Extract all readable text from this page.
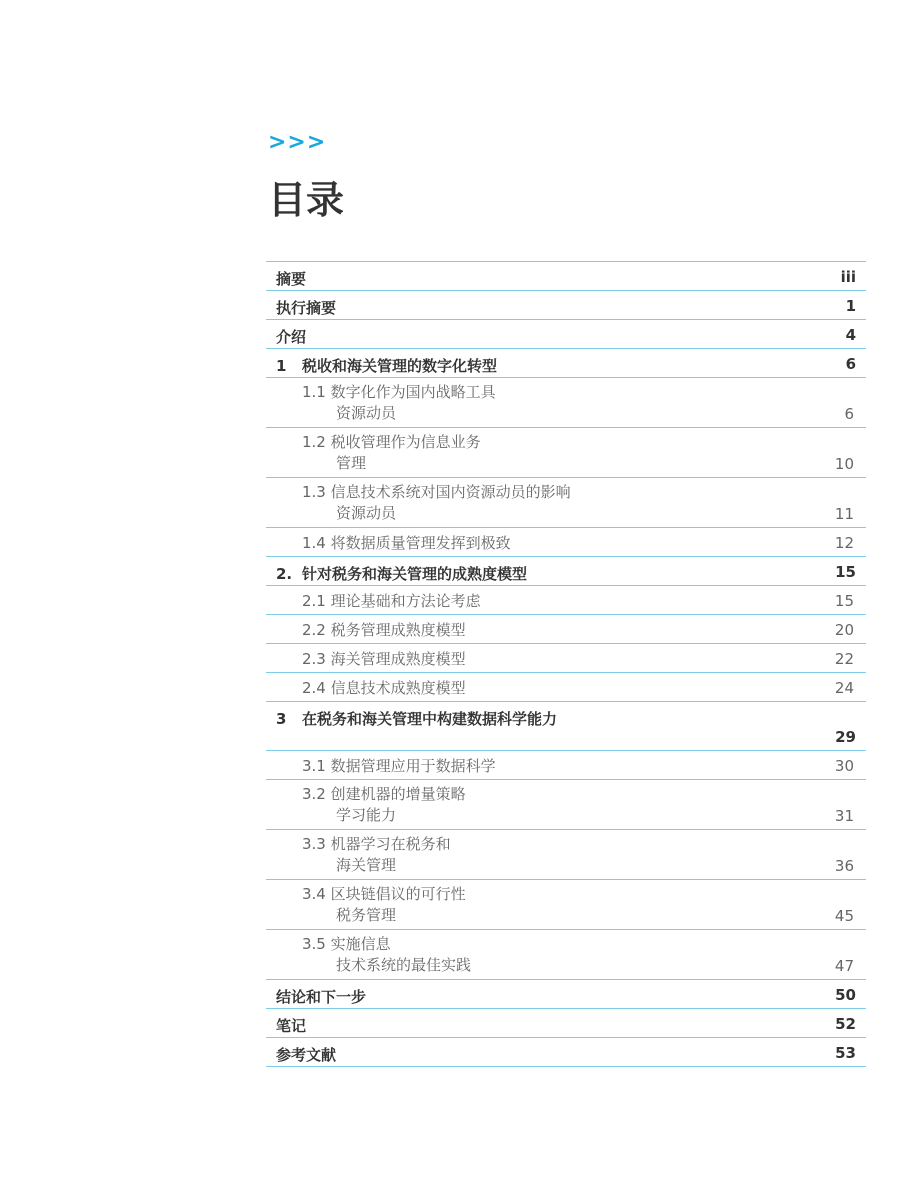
>>>
目录
摘要	iii
执行摘要	1
介绍	4
1 税收和海关管理的数字化转型	6
1.1 数字化作为国内战略工具
资源动员	6
1.2 税收管理作为信息业务
管理	10
1.3 信息技术系统对国内资源动员的影响
资源动员	11
1.4 将数据质量管理发挥到极致	12
2. 针对税务和海关管理的成熟度模型	15
2.1 理论基础和方法论考虑	15
2.2 税务管理成熟度模型	20
2.3 海关管理成熟度模型	22
2.4 信息技术成熟度模型	24
3 在税务和海关管理中构建数据科学能力
29
3.1 数据管理应用于数据科学	30
3.2 创建机器的增量策略
学习能力	31
3.3 机器学习在税务和
海关管理	36
3.4 区块链倡议的可行性
税务管理	45
3.5 实施信息
技术系统的最佳实践	47
结论和下一步	50
笔记	52
参考文献	53
